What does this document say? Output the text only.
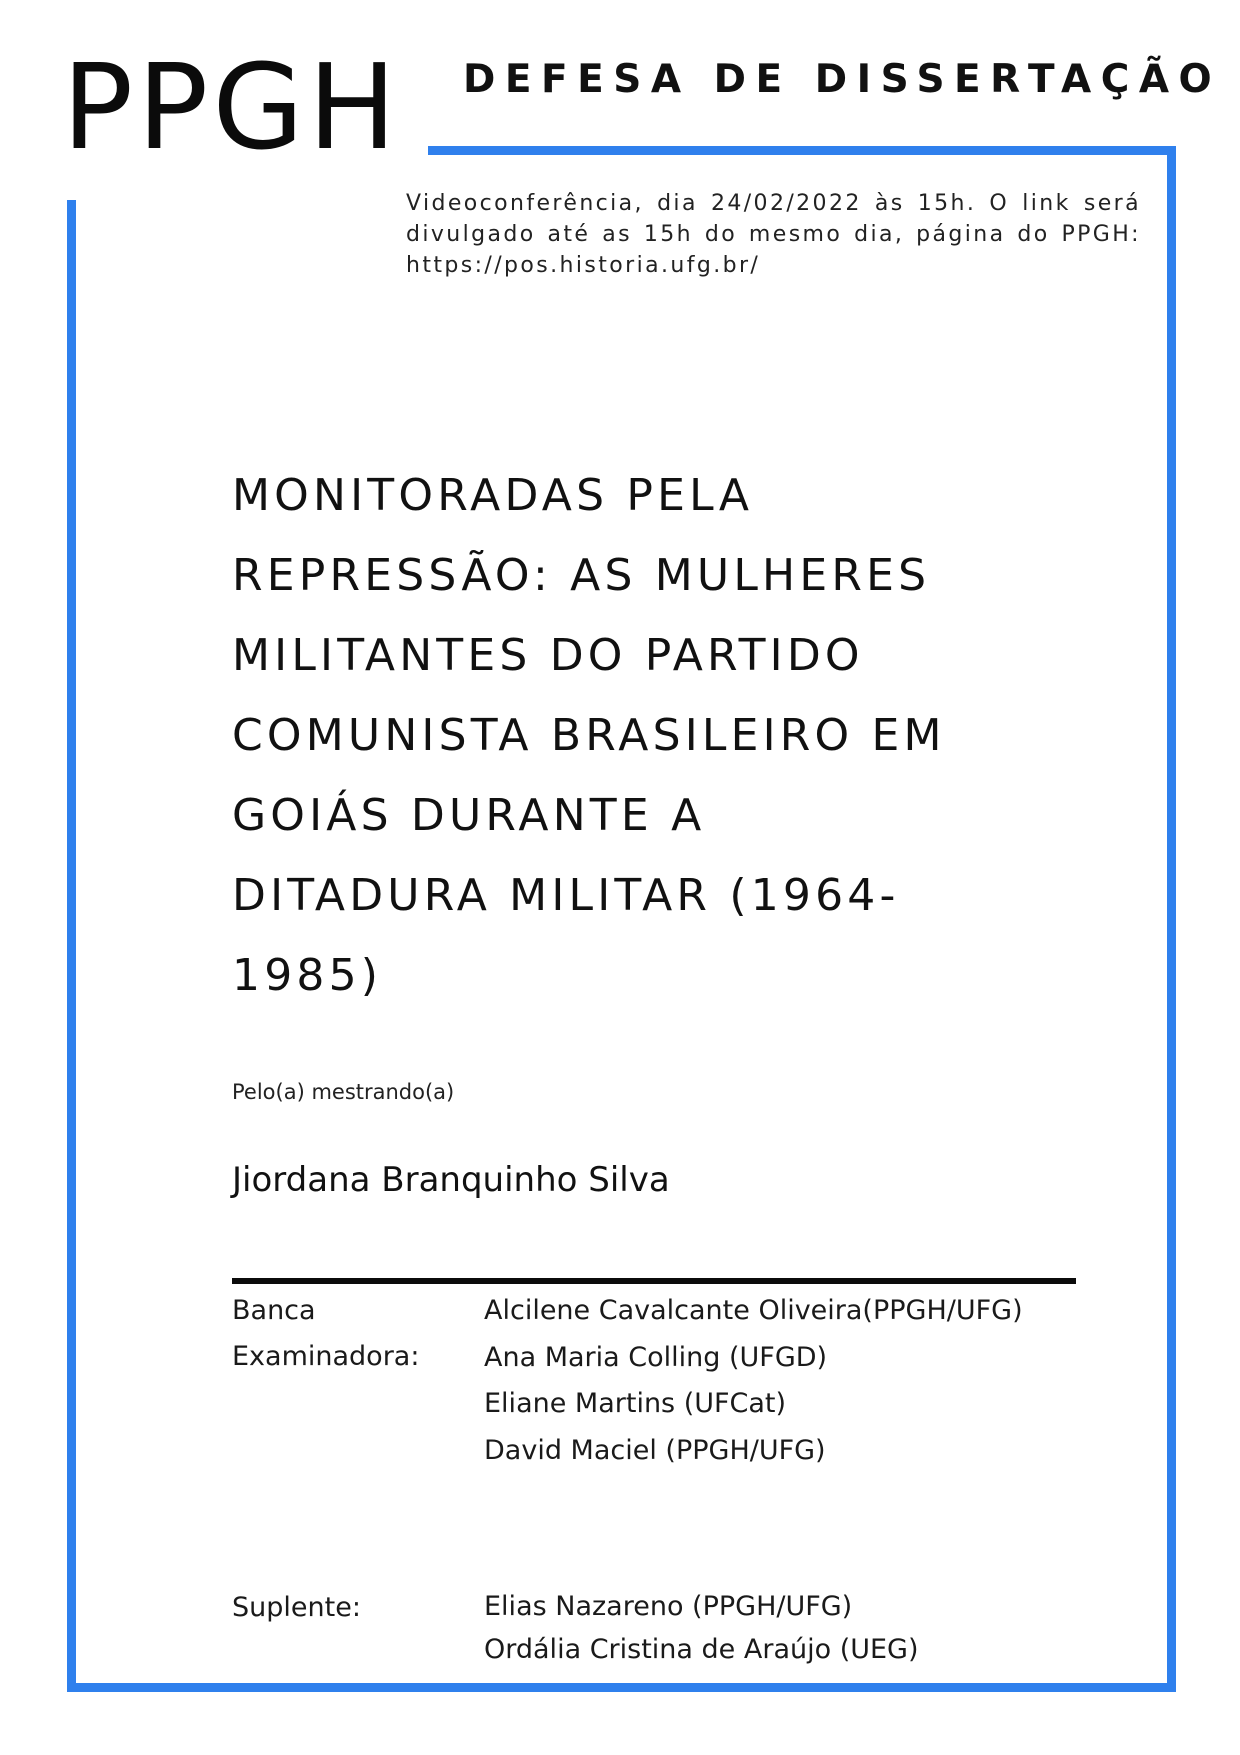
PPGH DEFESA DE DISSERTAÇÃO

Videoconferência, dia 24/02/2022 às 15h. O link será divulgado até as 15h do mesmo dia, página do PPGH: https://pos.historia.ufg.br/

MONITORADAS PELA
REPRESSÃO: AS MULHERES
MILITANTES DO PARTIDO
COMUNISTA BRASILEIRO EM
GOIÁS DURANTE A
DITADURA MILITAR (1964-
1985)

Pelo(a) mestrando(a)

Jiordana Branquinho Silva

Banca
Examinadora:
Alcilene Cavalcante Oliveira(PPGH/UFG)
Ana Maria Colling (UFGD)
Eliane Martins (UFCat)
David Maciel (PPGH/UFG)
Suplente:	Elias Nazareno (PPGH/UFG)
Ordália Cristina de Araújo (UEG)
